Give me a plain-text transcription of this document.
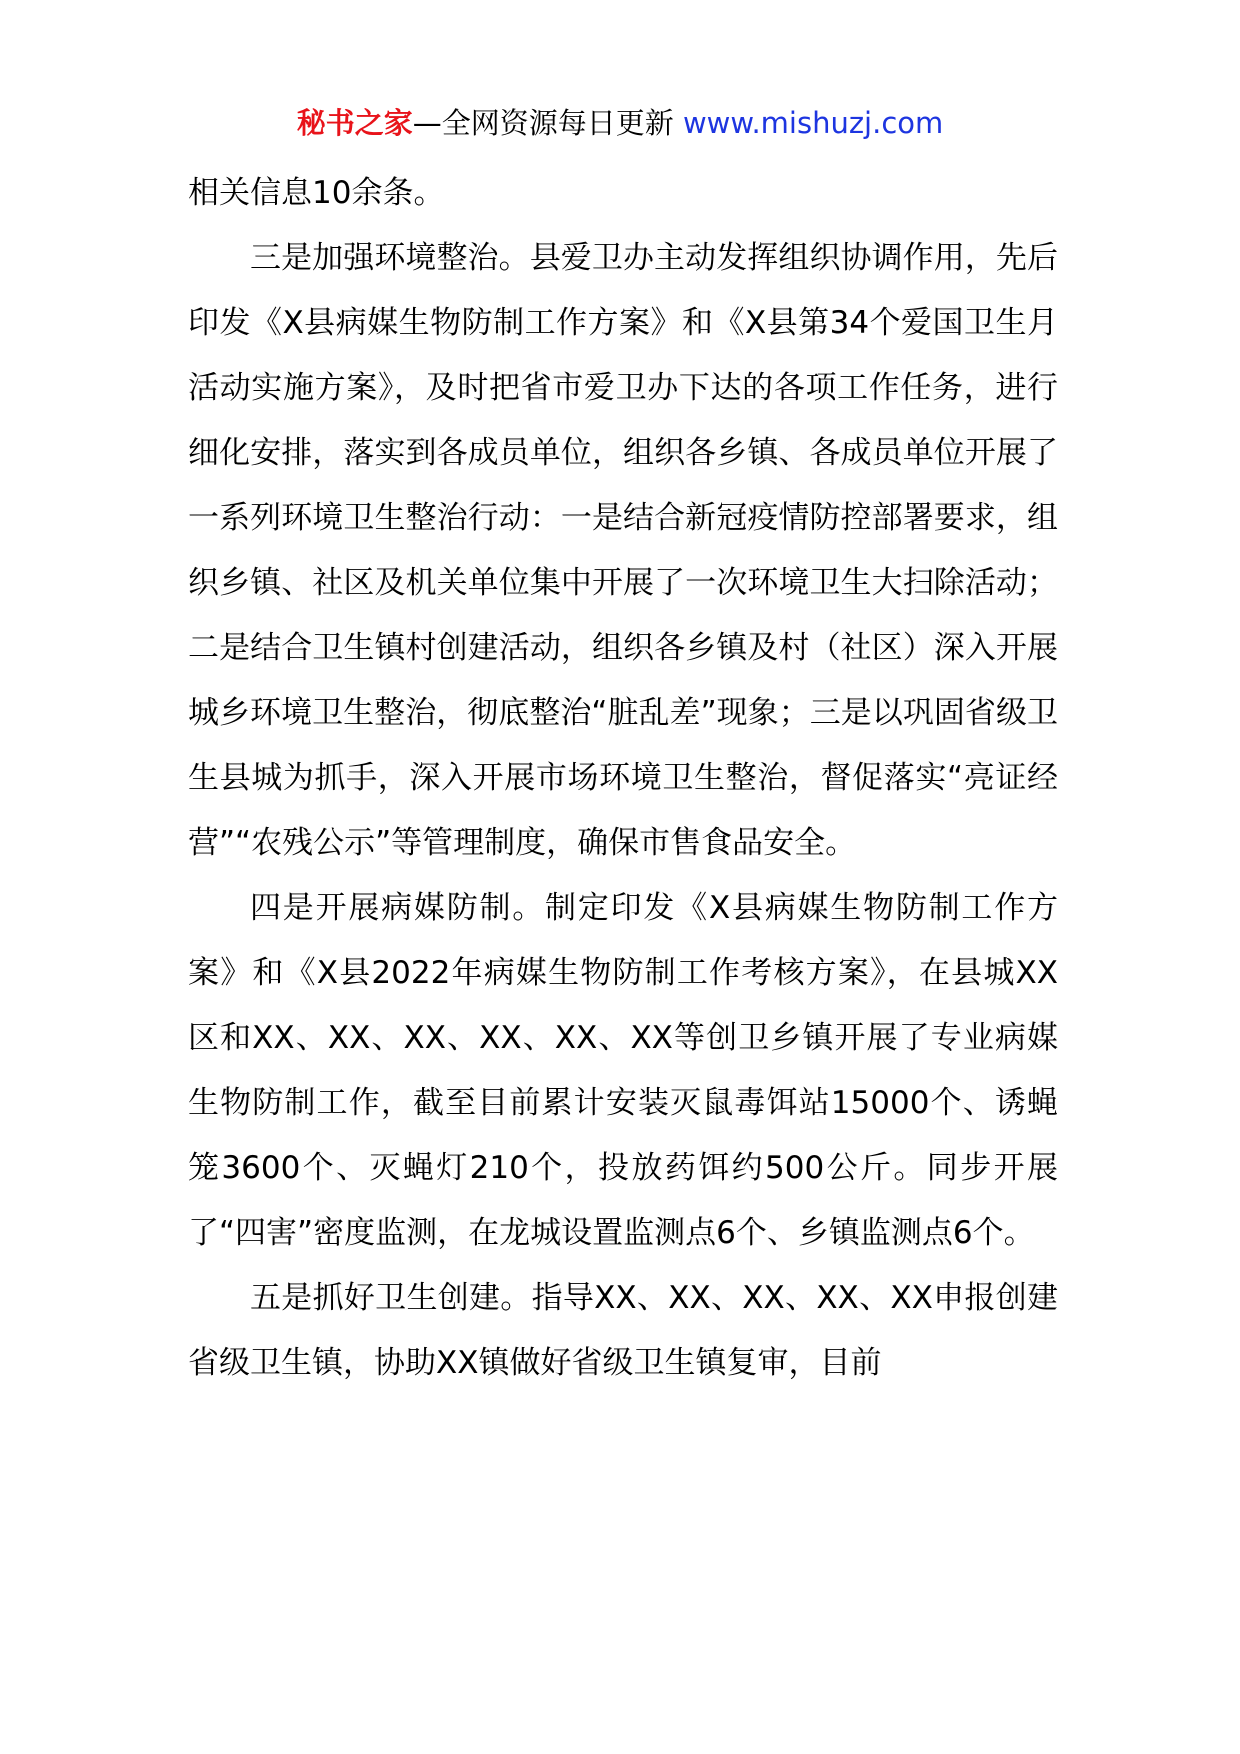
秘书之家—全网资源每日更新 www.mishuzj.com

相关信息10余条。

三是加强环境整治。县爱卫办主动发挥组织协调作用，先后印发《X县病媒生物防制工作方案》和《X县第34个爱国卫生月活动实施方案》，及时把省市爱卫办下达的各项工作任务，进行细化安排，落实到各成员单位，组织各乡镇、各成员单位开展了一系列环境卫生整治行动：一是结合新冠疫情防控部署要求，组织乡镇、社区及机关单位集中开展了一次环境卫生大扫除活动；二是结合卫生镇村创建活动，组织各乡镇及村（社区）深入开展城乡环境卫生整治，彻底整治“脏乱差”现象；三是以巩固省级卫生县城为抓手，深入开展市场环境卫生整治，督促落实“亮证经营”“农残公示”等管理制度，确保市售食品安全。

四是开展病媒防制。制定印发《X县病媒生物防制工作方案》和《X县2022年病媒生物防制工作考核方案》，在县城XX区和XX、XX、XX、XX、XX、XX等创卫乡镇开展了专业病媒生物防制工作，截至目前累计安装灭鼠毒饵站15000个、诱蝇笼3600个、灭蝇灯210个，投放药饵约500公斤。同步开展了“四害”密度监测，在龙城设置监测点6个、乡镇监测点6个。

五是抓好卫生创建。指导XX、XX、XX、XX、XX申报创建省级卫生镇，协助XX镇做好省级卫生镇复审，目前
